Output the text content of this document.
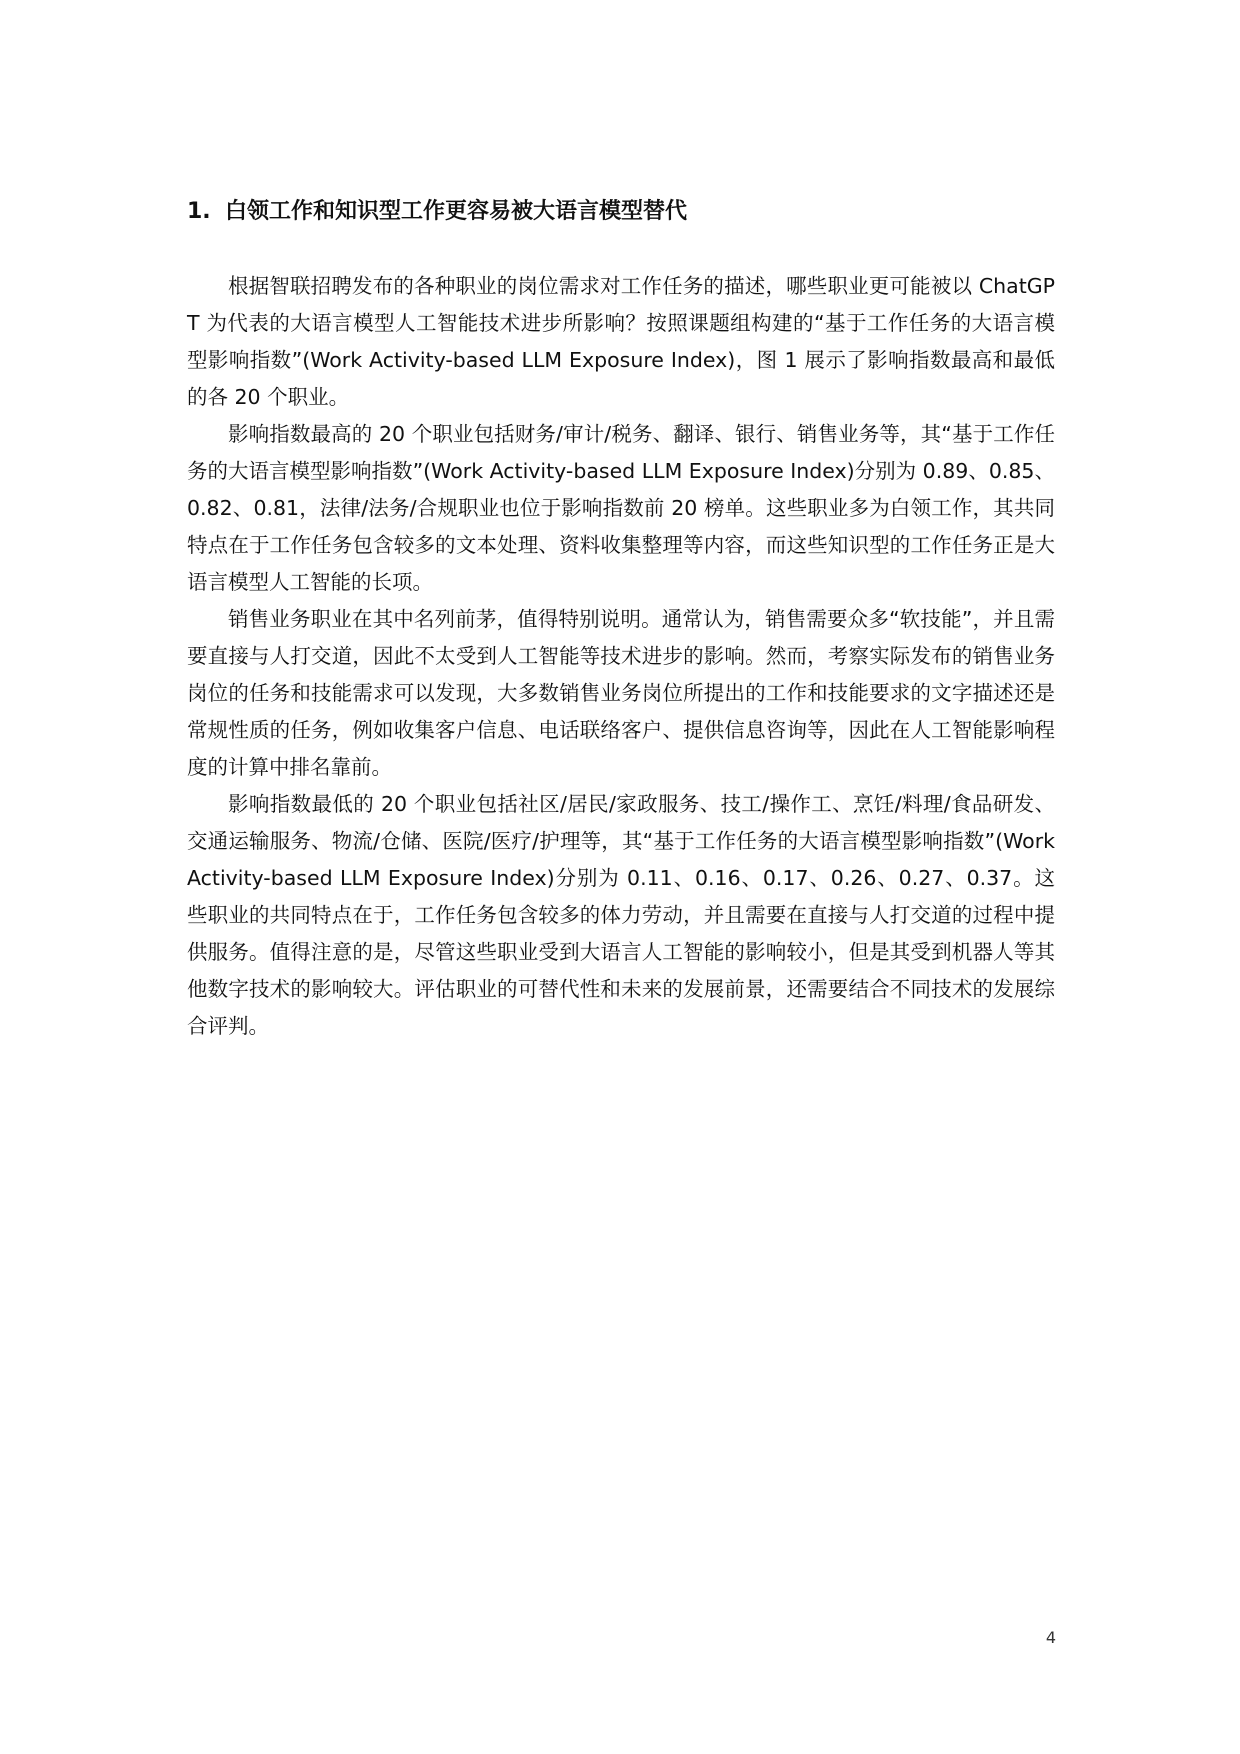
1. 白领工作和知识型工作更容易被大语言模型替代

根据智联招聘发布的各种职业的岗位需求对工作任务的描述，哪些职业更可能被以 ChatGPT 为代表的大语言模型人工智能技术进步所影响？按照课题组构建的“基于工作任务的大语言模型影响指数”(Work Activity-based LLM Exposure Index)，图 1 展示了影响指数最高和最低的各 20 个职业。

影响指数最高的 20 个职业包括财务/审计/税务、翻译、银行、销售业务等，其“基于工作任务的大语言模型影响指数”(Work Activity-based LLM Exposure Index)分别为 0.89、0.85、0.82、0.81，法律/法务/合规职业也位于影响指数前 20 榜单。这些职业多为白领工作，其共同特点在于工作任务包含较多的文本处理、资料收集整理等内容，而这些知识型的工作任务正是大语言模型人工智能的长项。

销售业务职业在其中名列前茅，值得特别说明。通常认为，销售需要众多“软技能”，并且需要直接与人打交道，因此不太受到人工智能等技术进步的影响。然而，考察实际发布的销售业务岗位的任务和技能需求可以发现，大多数销售业务岗位所提出的工作和技能要求的文字描述还是常规性质的任务，例如收集客户信息、电话联络客户、提供信息咨询等，因此在人工智能影响程度的计算中排名靠前。

影响指数最低的 20 个职业包括社区/居民/家政服务、技工/操作工、烹饪/料理/食品研发、交通运输服务、物流/仓储、医院/医疗/护理等，其“基于工作任务的大语言模型影响指数”(Work Activity-based LLM Exposure Index)分别为 0.11、0.16、0.17、0.26、0.27、0.37。这些职业的共同特点在于，工作任务包含较多的体力劳动，并且需要在直接与人打交道的过程中提供服务。值得注意的是，尽管这些职业受到大语言人工智能的影响较小，但是其受到机器人等其他数字技术的影响较大。评估职业的可替代性和未来的发展前景，还需要结合不同技术的发展综合评判。

4
